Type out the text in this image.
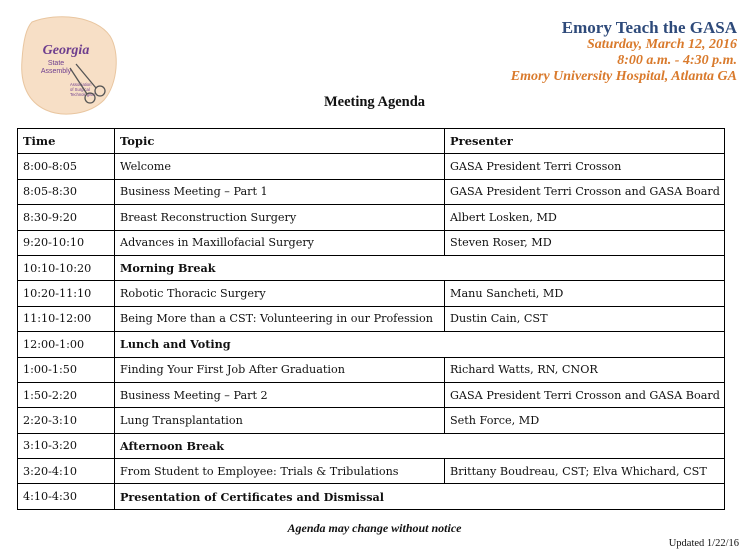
Georgia
State
Assembly
Association
of Surgical
Technologists
Emory Teach the GASA
Saturday, March 12, 2016
8:00 a.m. - 4:30 p.m.
Emory University Hospital, Atlanta GA
Meeting Agenda
Time	Topic	Presenter
8:00-8:05	Welcome	GASA President Terri Crosson
8:05-8:30	Business Meeting – Part 1	GASA President Terri Crosson and GASA Board
8:30-9:20	Breast Reconstruction Surgery	Albert Losken, MD
9:20-10:10	Advances in Maxillofacial Surgery	Steven Roser, MD
10:10-10:20	Morning Break	
10:20-11:10	Robotic Thoracic Surgery	Manu Sancheti, MD
11:10-12:00	Being More than a CST: Volunteering in our Profession	Dustin Cain, CST
12:00-1:00	Lunch and Voting	
1:00-1:50	Finding Your First Job After Graduation	Richard Watts, RN, CNOR
1:50-2:20	Business Meeting – Part 2	GASA President Terri Crosson and GASA Board
2:20-3:10	Lung Transplantation	Seth Force, MD
3:10-3:20	Afternoon Break	
3:20-4:10	From Student to Employee: Trials & Tribulations	Brittany Boudreau, CST; Elva Whichard, CST
4:10-4:30	Presentation of Certificates and Dismissal	
Agenda may change without notice
Updated 1/22/16
